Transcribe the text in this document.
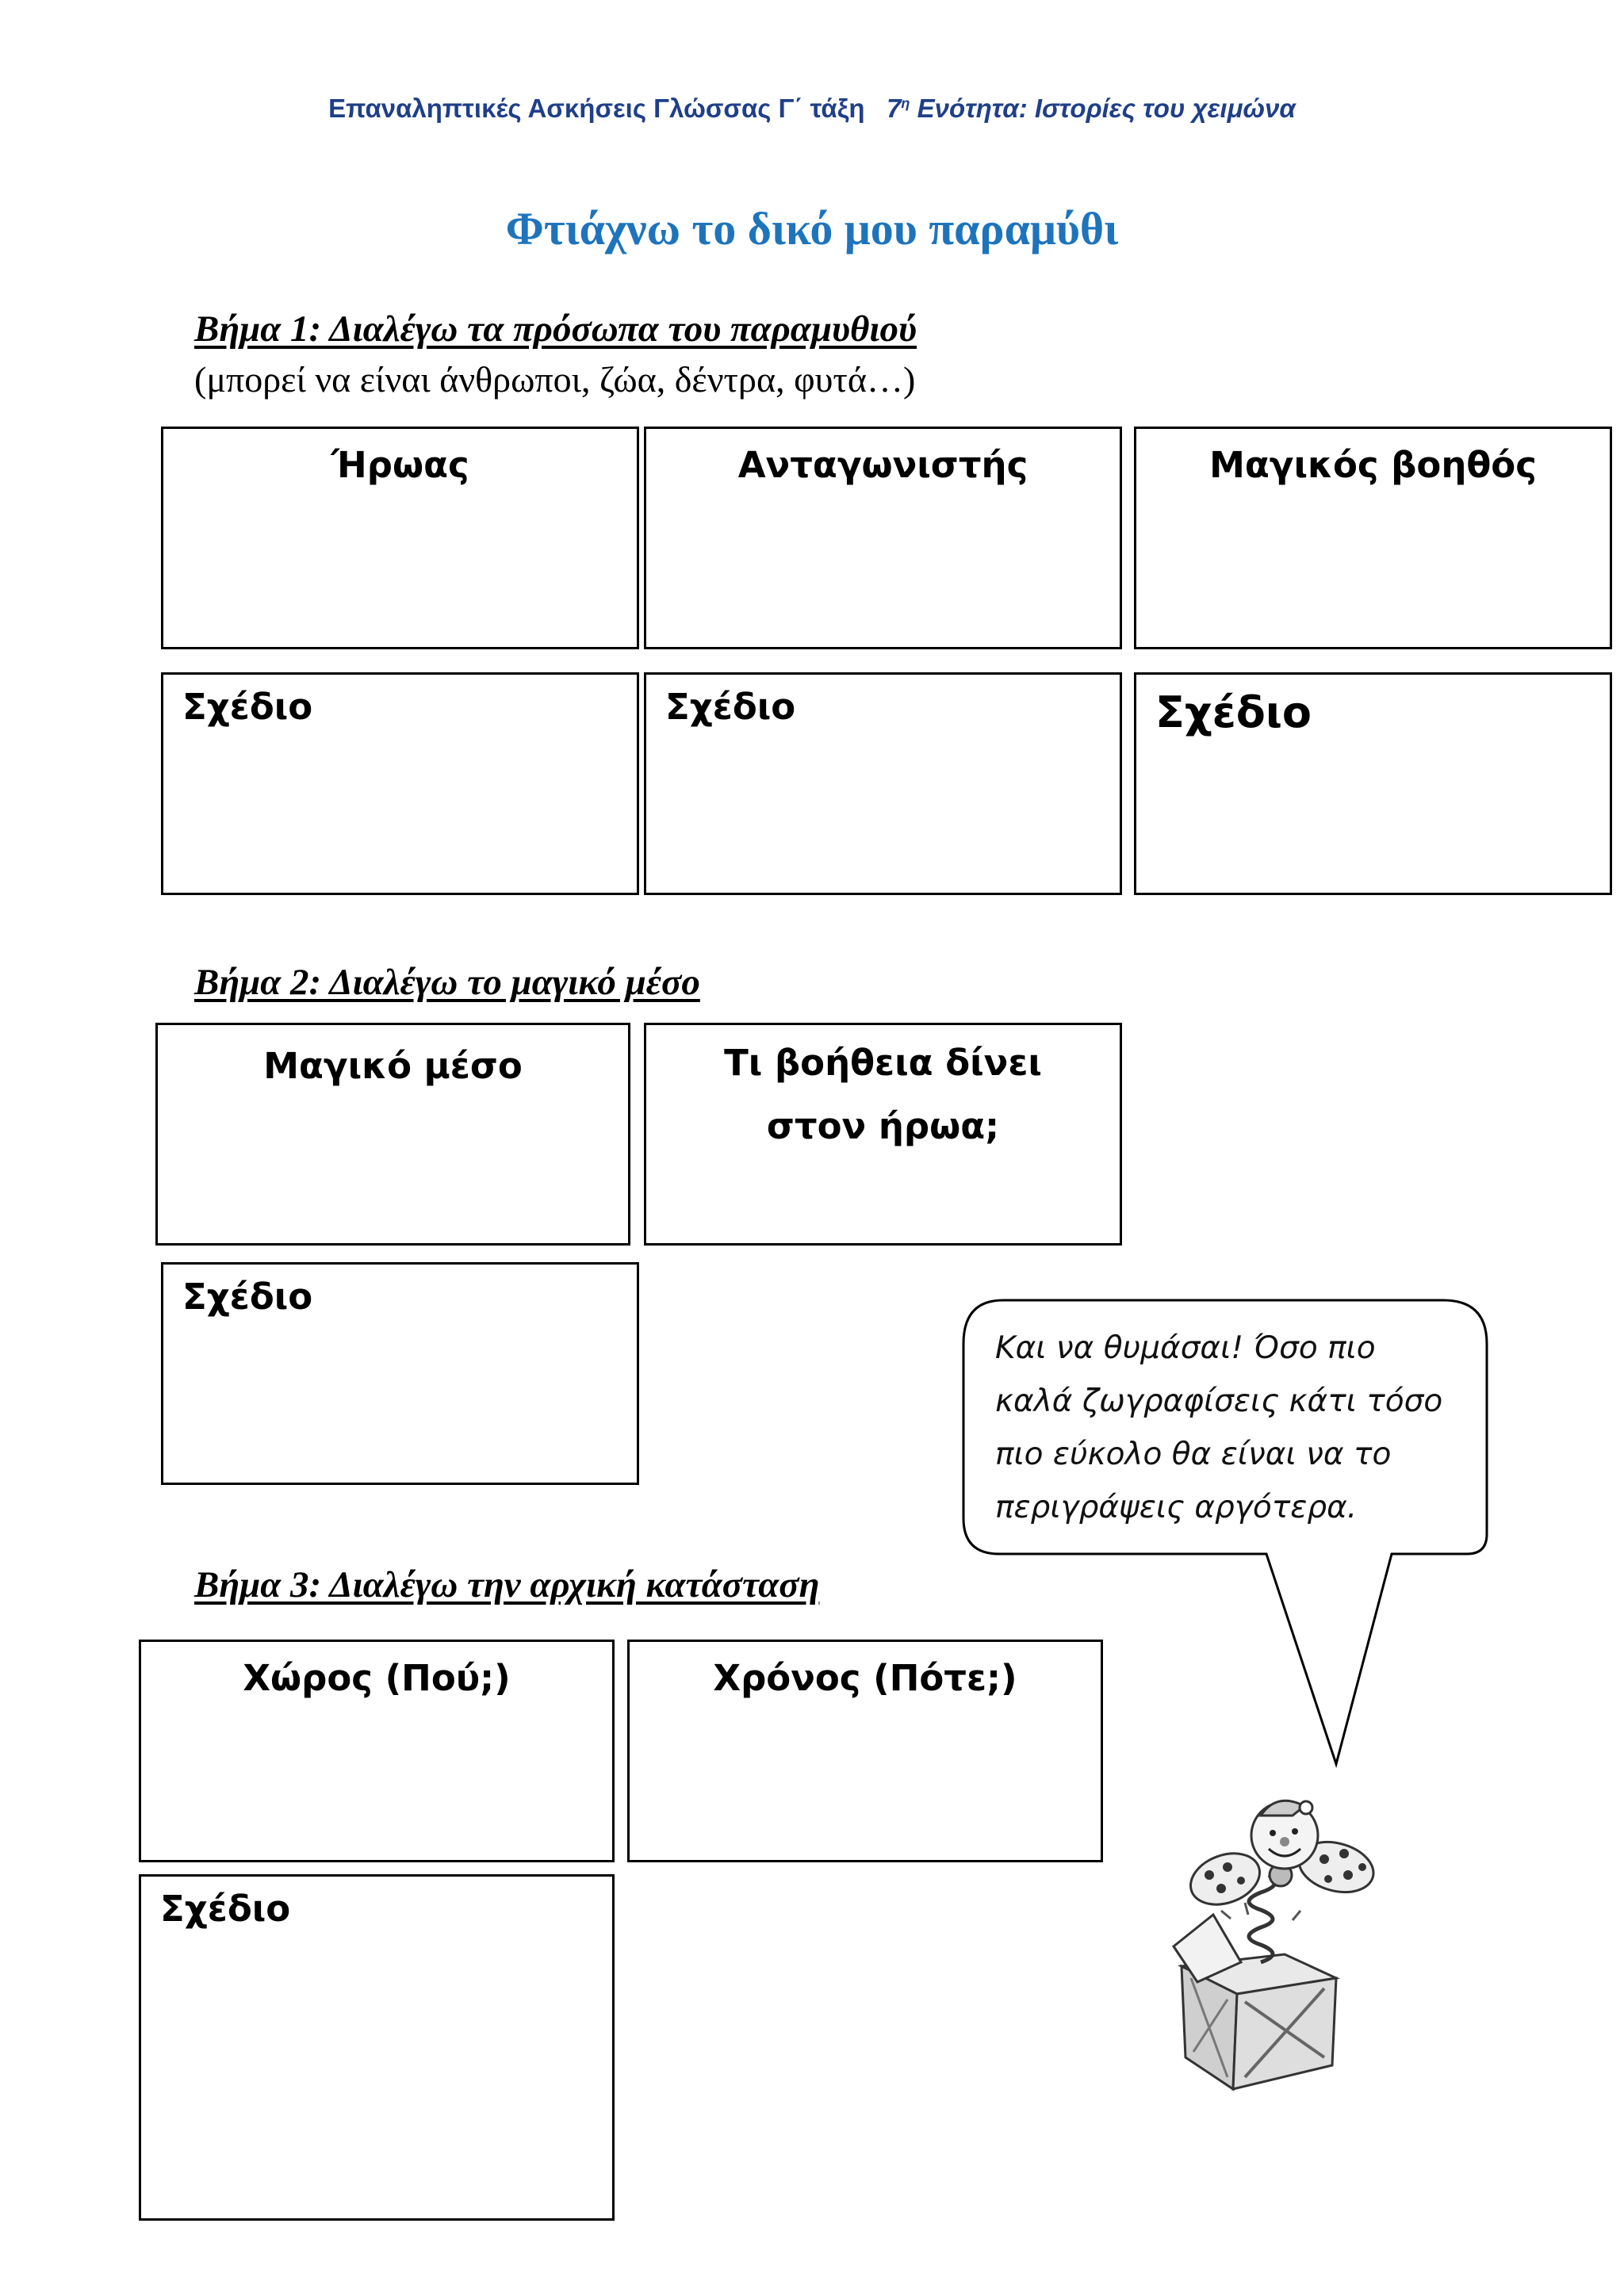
Επαναληπτικές Ασκήσεις Γλώσσας Γ΄ τάξη $7^\eta$ Ενότητα: Ιστορίες του χειμώνα
Φτιάχνω το δικό μου παραμύθι
Βήμα 1: Διαλέγω τα πρόσωπα του παραμυθιού
(μπορεί να είναι άνθρωποι, ζώα, δέντρα, φυτά…)
Ήρωας	Ανταγωνιστής	Μαγικός βοηθός
Σχέδιο	Σχέδιο	Σχέδιο
Βήμα 2: Διαλέγω το μαγικό μέσο
Μαγικό μέσο	Τι βοήθεια δίνει στον ήρωα;
Σχέδιο
Και να θυμάσαι! Όσο πιο
καλά ζωγραφίσεις κάτι τόσο
πιο εύκολο θα είναι να το
περιγράψεις αργότερα.
Βήμα 3: Διαλέγω την αρχική κατάσταση
Χώρος (Πού;)	Χρόνος (Πότε;)
Σχέδιο
